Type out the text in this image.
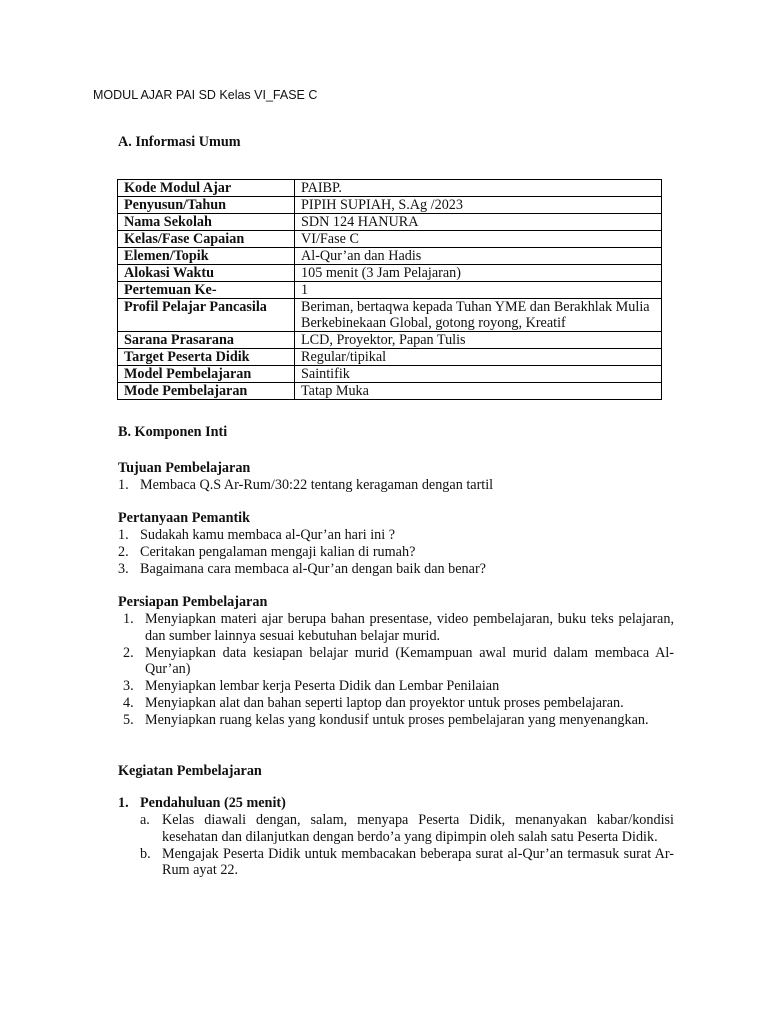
MODUL AJAR PAI SD Kelas VI_FASE C
A. Informasi Umum
Kode Modul Ajar	PAIBP.
Penyusun/Tahun	PIPIH SUPIAH, S.Ag /2023
Nama Sekolah	SDN 124 HANURA
Kelas/Fase Capaian	VI/Fase C
Elemen/Topik	Al-Qur’an dan Hadis
Alokasi Waktu	105 menit (3 Jam Pelajaran)
Pertemuan Ke-	1
Profil Pelajar Pancasila	Beriman, bertaqwa kepada Tuhan YME dan Berakhlak Mulia Berkebinekaan Global, gotong royong, Kreatif
Sarana Prasarana	LCD, Proyektor, Papan Tulis
Target Peserta Didik	Regular/tipikal
Model Pembelajaran	Saintifik
Mode Pembelajaran	Tatap Muka
B. Komponen Inti
Tujuan Pembelajaran
1. Membaca Q.S Ar-Rum/30:22 tentang keragaman dengan tartil
Pertanyaan Pemantik
1. Sudakah kamu membaca al-Qur’an hari ini ?
2. Ceritakan pengalaman mengaji kalian di rumah?
3. Bagaimana cara membaca al-Qur’an dengan baik dan benar?
Persiapan Pembelajaran
1. Menyiapkan materi ajar berupa bahan presentase, video pembelajaran, buku teks pelajaran, dan sumber lainnya sesuai kebutuhan belajar murid.
2. Menyiapkan data kesiapan belajar murid (Kemampuan awal murid dalam membaca Al-Qur’an)
3. Menyiapkan lembar kerja Peserta Didik dan Lembar Penilaian
4. Menyiapkan alat dan bahan seperti laptop dan proyektor untuk proses pembelajaran.
5. Menyiapkan ruang kelas yang kondusif untuk proses pembelajaran yang menyenangkan.
Kegiatan Pembelajaran
1. Pendahuluan (25 menit)
a. Kelas diawali dengan, salam, menyapa Peserta Didik, menanyakan kabar/kondisi kesehatan dan dilanjutkan dengan berdo’a yang dipimpin oleh salah satu Peserta Didik.
b. Mengajak Peserta Didik untuk membacakan beberapa surat al-Qur’an termasuk surat Ar-Rum ayat 22.
